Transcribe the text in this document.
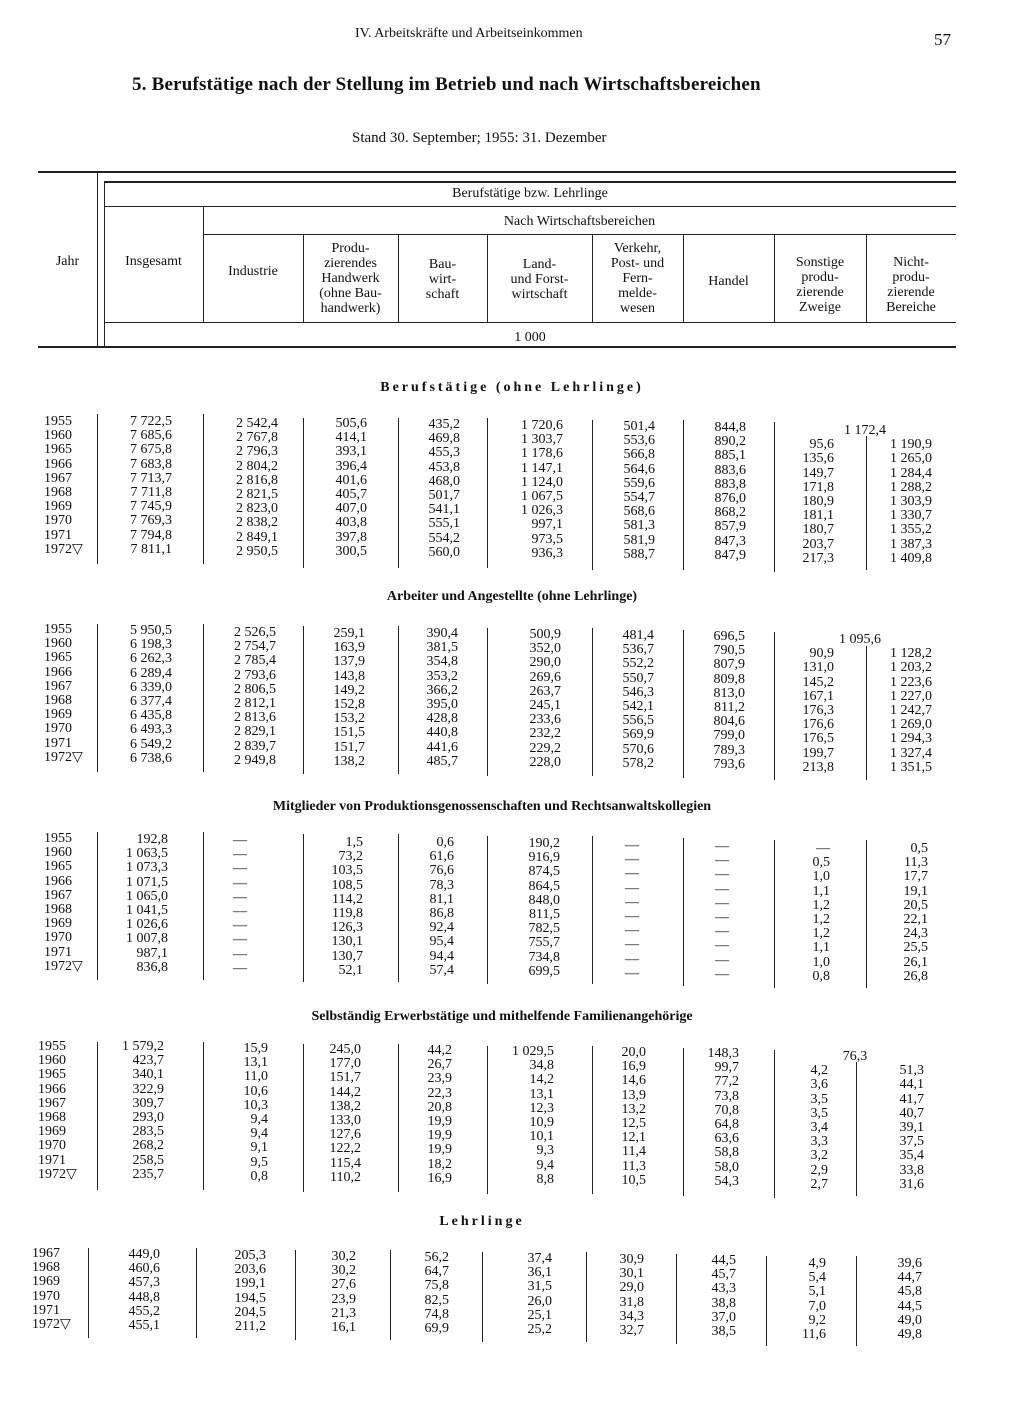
IV. Arbeitskräfte und Arbeitseinkommen	57
5. Berufstätige nach der Stellung im Betrieb und nach Wirtschaftsbereichen
Stand 30. September; 1955: 31. Dezember
Berufstätige bzw. Lehrlinge
Nach Wirtschaftsbereichen
Jahr	Insgesamt
Industrie
Produ-
zierendes
Handwerk
(ohne Bau-
handwerk)
Bau-
wirt-
schaft
Land-
und Forst-
wirtschaft
Verkehr,
Post- und
Fern-
melde-
wesen
Handel
Sonstige
produ-
zierende
Zweige
Nicht-
produ-
zierende
Bereiche
1 000
Berufstätige (ohne Lehrlinge)
1 172,4
1955
1960
1965
1966
1967
1968
1969
1970
1971
1972▽
7 722,5
7 685,6
7 675,8
7 683,8
7 713,7
7 711,8
7 745,9
7 769,3
7 794,8
7 811,1
2 542,4
2 767,8
2 796,3
2 804,2
2 816,8
2 821,5
2 823,0
2 838,2
2 849,1
2 950,5
505,6
414,1
393,1
396,4
401,6
405,7
407,0
403,8
397,8
300,5
435,2
469,8
455,3
453,8
468,0
501,7
541,1
555,1
554,2
560,0
1 720,6
1 303,7
1 178,6
1 147,1
1 124,0
1 067,5
1 026,3
997,1
973,5
936,3
501,4
553,6
566,8
564,6
559,6
554,7
568,6
581,3
581,9
588,7
844,8
890,2
885,1
883,6
883,8
876,0
868,2
857,9
847,3
847,9

95,6
135,6
149,7
171,8
180,9
181,1
180,7
203,7
217,3

1 190,9
1 265,0
1 284,4
1 288,2
1 303,9
1 330,7
1 355,2
1 387,3
1 409,8
Arbeiter und Angestellte (ohne Lehrlinge)
1 095,6
1955
1960
1965
1966
1967
1968
1969
1970
1971
1972▽
5 950,5
6 198,3
6 262,3
6 289,4
6 339,0
6 377,4
6 435,8
6 493,3
6 549,2
6 738,6
2 526,5
2 754,7
2 785,4
2 793,6
2 806,5
2 812,1
2 813,6
2 829,1
2 839,7
2 949,8
259,1
163,9
137,9
143,8
149,2
152,8
153,2
151,5
151,7
138,2
390,4
381,5
354,8
353,2
366,2
395,0
428,8
440,8
441,6
485,7
500,9
352,0
290,0
269,6
263,7
245,1
233,6
232,2
229,2
228,0
481,4
536,7
552,2
550,7
546,3
542,1
556,5
569,9
570,6
578,2
696,5
790,5
807,9
809,8
813,0
811,2
804,6
799,0
789,3
793,6

90,9
131,0
145,2
167,1
176,3
176,6
176,5
199,7
213,8

1 128,2
1 203,2
1 223,6
1 227,0
1 242,7
1 269,0
1 294,3
1 327,4
1 351,5
Mitglieder von Produktionsgenossenschaften und Rechtsanwaltskollegien
1955
1960
1965
1966
1967
1968
1969
1970
1971
1972▽
192,8
1 063,5
1 073,3
1 071,5
1 065,0
1 041,5
1 026,6
1 007,8
987,1
836,8
—
—
—
—
—
—
—
—
—
—
1,5
73,2
103,5
108,5
114,2
119,8
126,3
130,1
130,7
52,1
0,6
61,6
76,6
78,3
81,1
86,8
92,4
95,4
94,4
57,4
190,2
916,9
874,5
864,5
848,0
811,5
782,5
755,7
734,8
699,5
—
—
—
—
—
—
—
—
—
—
—
—
—
—
—
—
—
—
—
—
—
0,5
1,0
1,1
1,2
1,2
1,2
1,1
1,0
0,8
0,5
11,3
17,7
19,1
20,5
22,1
24,3
25,5
26,1
26,8
Selbständig Erwerbstätige und mithelfende Familienangehörige
76,3
1955
1960
1965
1966
1967
1968
1969
1970
1971
1972▽
1 579,2
423,7
340,1
322,9
309,7
293,0
283,5
268,2
258,5
235,7
15,9
13,1
11,0
10,6
10,3
9,4
9,4
9,1
9,5
0,8
245,0
177,0
151,7
144,2
138,2
133,0
127,6
122,2
115,4
110,2
44,2
26,7
23,9
22,3
20,8
19,9
19,9
19,9
18,2
16,9
1 029,5
34,8
14,2
13,1
12,3
10,9
10,1
9,3
9,4
8,8
20,0
16,9
14,6
13,9
13,2
12,5
12,1
11,4
11,3
10,5
148,3
99,7
77,2
73,8
70,8
64,8
63,6
58,8
58,0
54,3

4,2
3,6
3,5
3,5
3,4
3,3
3,2
2,9
2,7

51,3
44,1
41,7
40,7
39,1
37,5
35,4
33,8
31,6
Lehrlinge
1967
1968
1969
1970
1971
1972▽
449,0
460,6
457,3
448,8
455,2
455,1
205,3
203,6
199,1
194,5
204,5
211,2
30,2
30,2
27,6
23,9
21,3
16,1
56,2
64,7
75,8
82,5
74,8
69,9
37,4
36,1
31,5
26,0
25,1
25,2
30,9
30,1
29,0
31,8
34,3
32,7
44,5
45,7
43,3
38,8
37,0
38,5
4,9
5,4
5,1
7,0
9,2
11,6
39,6
44,7
45,8
44,5
49,0
49,8
